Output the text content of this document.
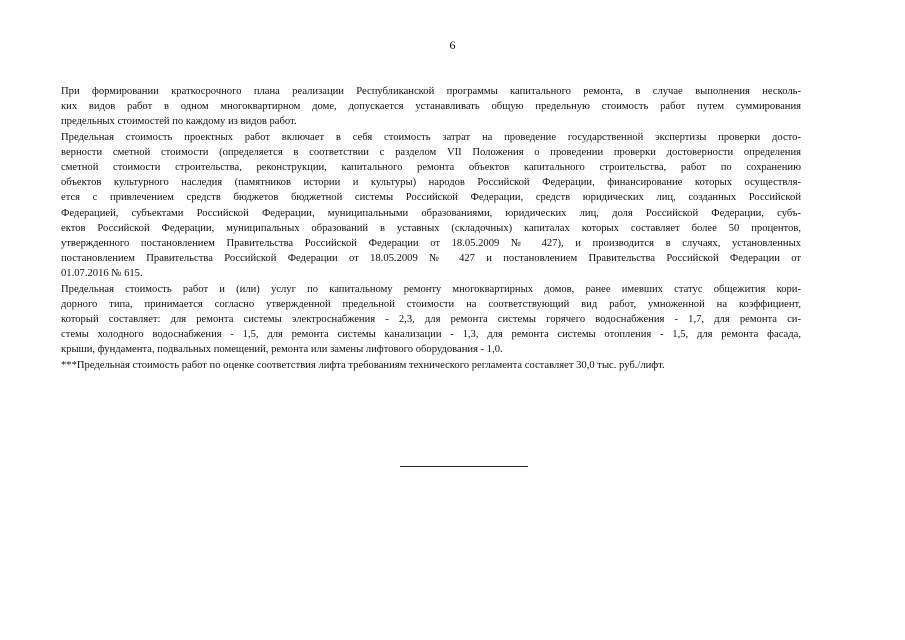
6

При формировании краткосрочного плана реализации Республиканской программы капитального ремонта, в случае выполнения несколь-
ких видов работ в одном многоквартирном доме, допускается устанавливать общую предельную стоимость работ путем суммирования
предельных стоимостей по каждому из видов работ.

Предельная стоимость проектных работ включает в себя стоимость затрат на проведение государственной экспертизы проверки досто-
верности сметной стоимости (определяется в соответствии с разделом VII Положения о проведении проверки достоверности определения
сметной стоимости строительства, реконструкции, капитального ремонта объектов капитального строительства, работ по сохранению
объектов культурного наследия (памятников истории и культуры) народов Российской Федерации, финансирование которых осуществля-
ется с привлечением средств бюджетов бюджетной системы Российской Федерации, средств юридических лиц, созданных Российской
Федерацией, субъектами Российской Федерации, муниципальными образованиями, юридических лиц, доля Российской Федерации, субъ-
ектов Российской Федерации, муниципальных образований в уставных (складочных) капиталах которых составляет более 50 процентов,
утвержденного постановлением Правительства Российской Федерации от 18.05.2009 № 427), и производится в случаях, установленных
постановлением Правительства Российской Федерации от 18.05.2009 № 427 и постановлением Правительства Российской Федерации от
01.07.2016 № 615.

Предельная стоимость работ и (или) услуг по капитальному ремонту многоквартирных домов, ранее имевших статус общежития кори-
дорного типа, принимается согласно утвержденной предельной стоимости на соответствующий вид работ, умноженной на коэффициент,
который составляет: для ремонта системы электроснабжения - 2,3, для ремонта системы горячего водоснабжения - 1,7, для ремонта си-
стемы холодного водоснабжения - 1,5, для ремонта системы канализации - 1,3, для ремонта системы отопления - 1,5, для ремонта фасада,
крыши, фундамента, подвальных помещений, ремонта или замены лифтового оборудования - 1,0.

***Предельная стоимость работ по оценке соответствия лифта требованиям технического регламента составляет 30,0 тыс. руб./лифт.
